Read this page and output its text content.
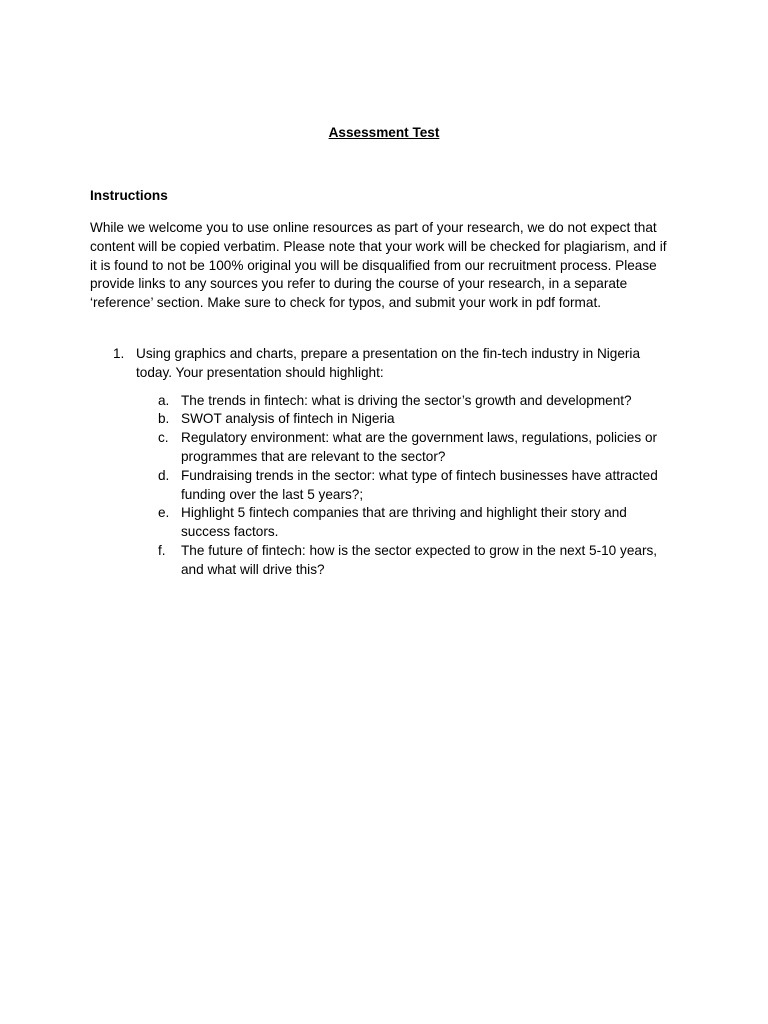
Assessment Test
Instructions

While we welcome you to use online resources as part of your research, we do not expect that
content will be copied verbatim. Please note that your work will be checked for plagiarism, and if
it is found to not be 100% original you will be disqualified from our recruitment process. Please
provide links to any sources you refer to during the course of your research, in a separate
‘reference’ section. Make sure to check for typos, and submit your work in pdf format.

1. Using graphics and charts, prepare a presentation on the fin-tech industry in Nigeria
today. Your presentation should highlight:
a. The trends in fintech: what is driving the sector’s growth and development?
b. SWOT analysis of fintech in Nigeria
c. Regulatory environment: what are the government laws, regulations, policies or
programmes that are relevant to the sector?
d. Fundraising trends in the sector: what type of fintech businesses have attracted
funding over the last 5 years?;
e. Highlight 5 fintech companies that are thriving and highlight their story and
success factors.
f. The future of fintech: how is the sector expected to grow in the next 5-10 years,
and what will drive this?
